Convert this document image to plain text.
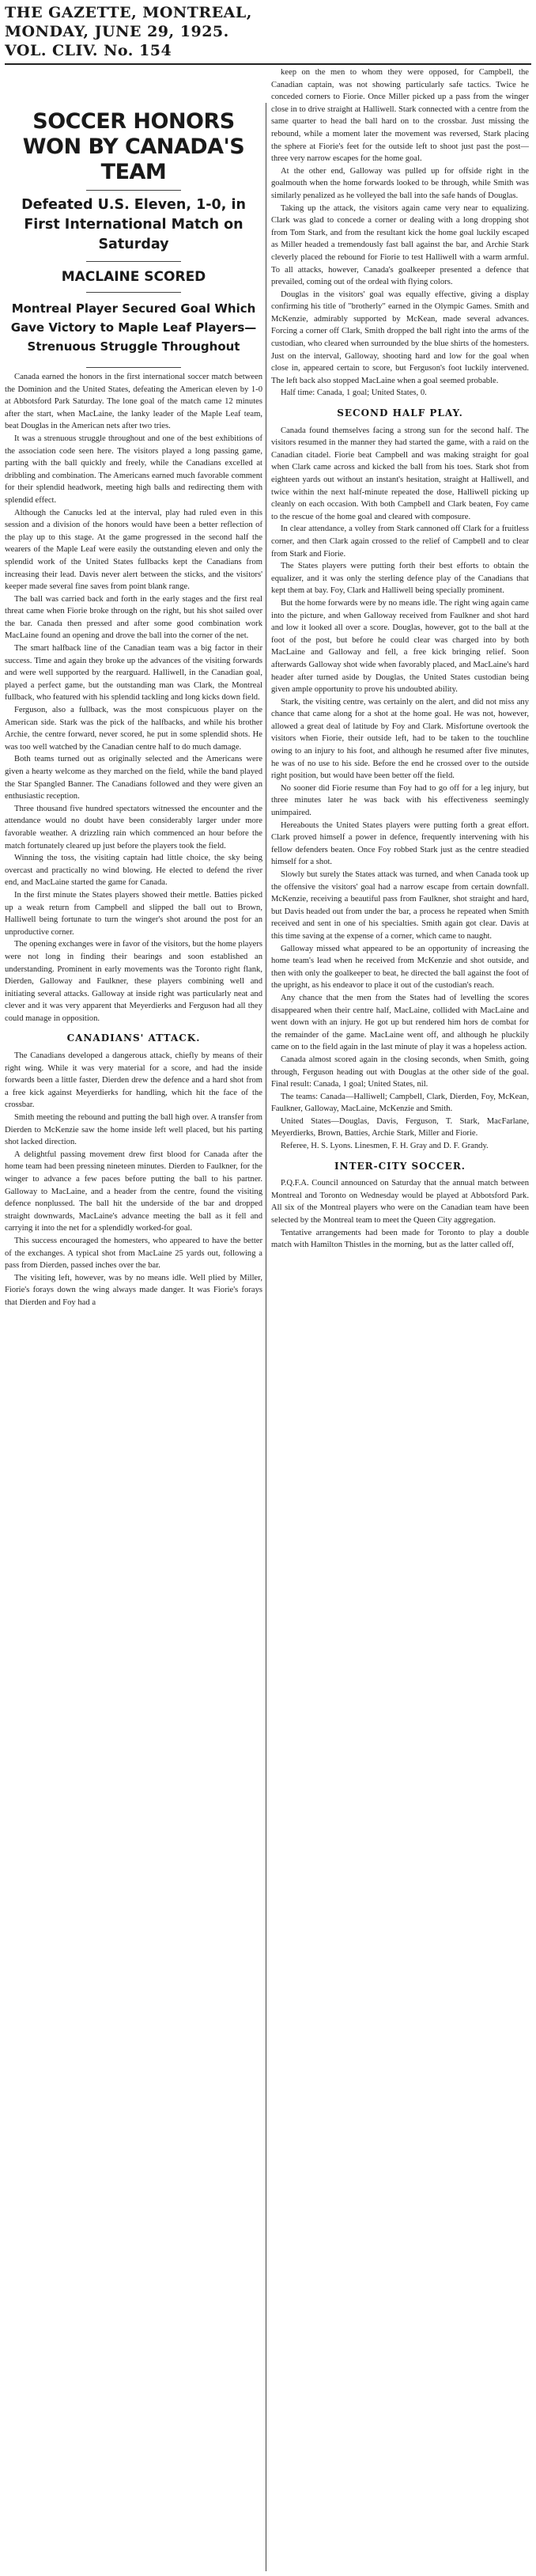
THE GAZETTE, MONTREAL,
MONDAY, JUNE 29, 1925.
VOL. CLIV. No. 154
SOCCER HONORS WON BY CANADA'S TEAM
Defeated U.S. Eleven, 1-0, in First International Match on Saturday
MACLAINE SCORED
Montreal Player Secured Goal Which Gave Victory to Maple Leaf Players—Strenuous Struggle Throughout

Canada earned the honors in the first international soccer match between the Dominion and the United States, defeating the American eleven by 1-0 at Abbotsford Park Saturday. The lone goal of the match came 12 minutes after the start, when MacLaine, the lanky leader of the Maple Leaf team, beat Douglas in the American nets after two tries.

It was a strenuous struggle throughout and one of the best exhibitions of the association code seen here. The visitors played a long passing game, parting with the ball quickly and freely, while the Canadians excelled at dribbling and combination. The Americans earned much favorable comment for their splendid headwork, meeting high balls and redirecting them with splendid effect.

Although the Canucks led at the interval, play had ruled even in this session and a division of the honors would have been a better reflection of the play up to this stage. At the game progressed in the second half the wearers of the Maple Leaf were easily the outstanding eleven and only the splendid work of the United States fullbacks kept the Canadians from increasing their lead. Davis never alert between the sticks, and the visitors' keeper made several fine saves from point blank range.

The ball was carried back and forth in the early stages and the first real threat came when Fiorie broke through on the right, but his shot sailed over the bar. Canada then pressed and after some good combination work MacLaine found an opening and drove the ball into the corner of the net.

The smart halfback line of the Canadian team was a big factor in their success. Time and again they broke up the advances of the visiting forwards and were well supported by the rearguard. Halliwell, in the Canadian goal, played a perfect game, but the outstanding man was Clark, the Montreal fullback, who featured with his splendid tackling and long kicks down field.

Ferguson, also a fullback, was the most conspicuous player on the American side. Stark was the pick of the halfbacks, and while his brother Archie, the centre forward, never scored, he put in some splendid shots. He was too well watched by the Canadian centre half to do much damage.

Both teams turned out as originally selected and the Americans were given a hearty welcome as they marched on the field, while the band played the Star Spangled Banner. The Canadians followed and they were given an enthusiastic reception.

Three thousand five hundred spectators witnessed the encounter and the attendance would no doubt have been considerably larger under more favorable weather. A drizzling rain which commenced an hour before the match fortunately cleared up just before the players took the field.

Winning the toss, the visiting captain had little choice, the sky being overcast and practically no wind blowing. He elected to defend the river end, and MacLaine started the game for Canada.

In the first minute the States players showed their mettle. Batties picked up a weak return from Campbell and slipped the ball out to Brown, Halliwell being fortunate to turn the winger's shot around the post for an unproductive corner.

The opening exchanges were in favor of the visitors, but the home players were not long in finding their bearings and soon established an understanding. Prominent in early movements was the Toronto right flank, Dierden, Galloway and Faulkner, these players combining well and initiating several attacks. Galloway at inside right was particularly neat and clever and it was very apparent that Meyerdierks and Ferguson had all they could manage in opposition.

CANADIANS' ATTACK.

The Canadians developed a dangerous attack, chiefly by means of their right wing. While it was very material for a score, and had the inside forwards been a little faster, Dierden drew the defence and a hard shot from a free kick against Meyerdierks for handling, which hit the face of the crossbar.

Smith meeting the rebound and putting the ball high over. A transfer from Dierden to McKenzie saw the home inside left well placed, but his parting shot lacked direction.

A delightful passing movement drew first blood for Canada after the home team had been pressing nineteen minutes. Dierden to Faulkner, for the winger to advance a few paces before putting the ball to his partner. Galloway to MacLaine, and a header from the centre, found the visiting defence nonplussed. The ball hit the underside of the bar and dropped straight downwards, MacLaine's advance meeting the ball as it fell and carrying it into the net for a splendidly worked-for goal.

This success encouraged the homesters, who appeared to have the better of the exchanges. A typical shot from MacLaine 25 yards out, following a pass from Dierden, passed inches over the bar.

The visiting left, however, was by no means idle. Well plied by Miller, Fiorie's forays down the wing always made danger. It was Fiorie's forays that Dierden and Foy had a

keep on the men to whom they were opposed, for Campbell, the Canadian captain, was not showing particularly safe tactics. Twice he conceded corners to Fiorie. Once Miller picked up a pass from the winger close in to drive straight at Halliwell. Stark connected with a centre from the same quarter to head the ball hard on to the crossbar. Just missing the rebound, while a moment later the movement was reversed, Stark placing the sphere at Fiorie's feet for the outside left to shoot just past the post—three very narrow escapes for the home goal.

At the other end, Galloway was pulled up for offside right in the goalmouth when the home forwards looked to be through, while Smith was similarly penalized as he volleyed the ball into the safe hands of Douglas.

Taking up the attack, the visitors again came very near to equalizing. Clark was glad to concede a corner or dealing with a long dropping shot from Tom Stark, and from the resultant kick the home goal luckily escaped as Miller headed a tremendously fast ball against the bar, and Archie Stark cleverly placed the rebound for Fiorie to test Halliwell with a warm armful. To all attacks, however, Canada's goalkeeper presented a defence that prevailed, coming out of the ordeal with flying colors.

Douglas in the visitors' goal was equally effective, giving a display confirming his title of "brotherly" earned in the Olympic Games. Smith and McKenzie, admirably supported by McKean, made several advances. Forcing a corner off Clark, Smith dropped the ball right into the arms of the custodian, who cleared when surrounded by the blue shirts of the homesters. Just on the interval, Galloway, shooting hard and low for the goal when close in, appeared certain to score, but Ferguson's foot luckily intervened. The left back also stopped MacLaine when a goal seemed probable.

Half time: Canada, 1 goal; United States, 0.

SECOND HALF PLAY.

Canada found themselves facing a strong sun for the second half. The visitors resumed in the manner they had started the game, with a raid on the Canadian citadel. Fiorie beat Campbell and was making straight for goal when Clark came across and kicked the ball from his toes. Stark shot from eighteen yards out without an instant's hesitation, straight at Halliwell, and twice within the next half-minute repeated the dose, Halliwell picking up cleanly on each occasion. With both Campbell and Clark beaten, Foy came to the rescue of the home goal and cleared with composure.

In clear attendance, a volley from Stark cannoned off Clark for a fruitless corner, and then Clark again crossed to the relief of Campbell and to clear from Stark and Fiorie.

The States players were putting forth their best efforts to obtain the equalizer, and it was only the sterling defence play of the Canadians that kept them at bay. Foy, Clark and Halliwell being specially prominent.

But the home forwards were by no means idle. The right wing again came into the picture, and when Galloway received from Faulkner and shot hard and low it looked all over a score. Douglas, however, got to the ball at the foot of the post, but before he could clear was charged into by both MacLaine and Galloway and fell, a free kick bringing relief. Soon afterwards Galloway shot wide when favorably placed, and MacLaine's hard header after turned aside by Douglas, the United States custodian being given ample opportunity to prove his undoubted ability.

Stark, the visiting centre, was certainly on the alert, and did not miss any chance that came along for a shot at the home goal. He was not, however, allowed a great deal of latitude by Foy and Clark. Misfortune overtook the visitors when Fiorie, their outside left, had to be taken to the touchline owing to an injury to his foot, and although he resumed after five minutes, he was of no use to his side. Before the end he crossed over to the outside right position, but would have been better off the field.

No sooner did Fiorie resume than Foy had to go off for a leg injury, but three minutes later he was back with his effectiveness seemingly unimpaired.

Hereabouts the United States players were putting forth a great effort. Clark proved himself a power in defence, frequently intervening with his fellow defenders beaten. Once Foy robbed Stark just as the centre steadied himself for a shot.

Slowly but surely the States attack was turned, and when Canada took up the offensive the visitors' goal had a narrow escape from certain downfall. McKenzie, receiving a beautiful pass from Faulkner, shot straight and hard, but Davis headed out from under the bar, a process he repeated when Smith received and sent in one of his specialties. Smith again got clear. Davis at this time saving at the expense of a corner, which came to naught.

Galloway missed what appeared to be an opportunity of increasing the home team's lead when he received from McKenzie and shot outside, and then with only the goalkeeper to beat, he directed the ball against the foot of the upright, as his endeavor to place it out of the custodian's reach.

Any chance that the men from the States had of levelling the scores disappeared when their centre half, MacLaine, collided with MacLaine and went down with an injury. He got up but rendered him hors de combat for the remainder of the game. MacLaine went off, and although he pluckily came on to the field again in the last minute of play it was a hopeless action.

Canada almost scored again in the closing seconds, when Smith, going through, Ferguson heading out with Douglas at the other side of the goal. Final result: Canada, 1 goal; United States, nil.

The teams: Canada—Halliwell; Campbell, Clark, Dierden, Foy, McKean, Faulkner, Galloway, MacLaine, McKenzie and Smith.

United States—Douglas, Davis, Ferguson, T. Stark, MacFarlane, Meyerdierks, Brown, Batties, Archie Stark, Miller and Fiorie.

Referee, H. S. Lyons. Linesmen, F. H. Gray and D. F. Grandy.

INTER-CITY SOCCER.

P.Q.F.A. Council announced on Saturday that the annual match between Montreal and Toronto on Wednesday would be played at Abbotsford Park. All six of the Montreal players who were on the Canadian team have been selected by the Montreal team to meet the Queen City aggregation.

Tentative arrangements had been made for Toronto to play a double match with Hamilton Thistles in the morning, but as the latter called off,
